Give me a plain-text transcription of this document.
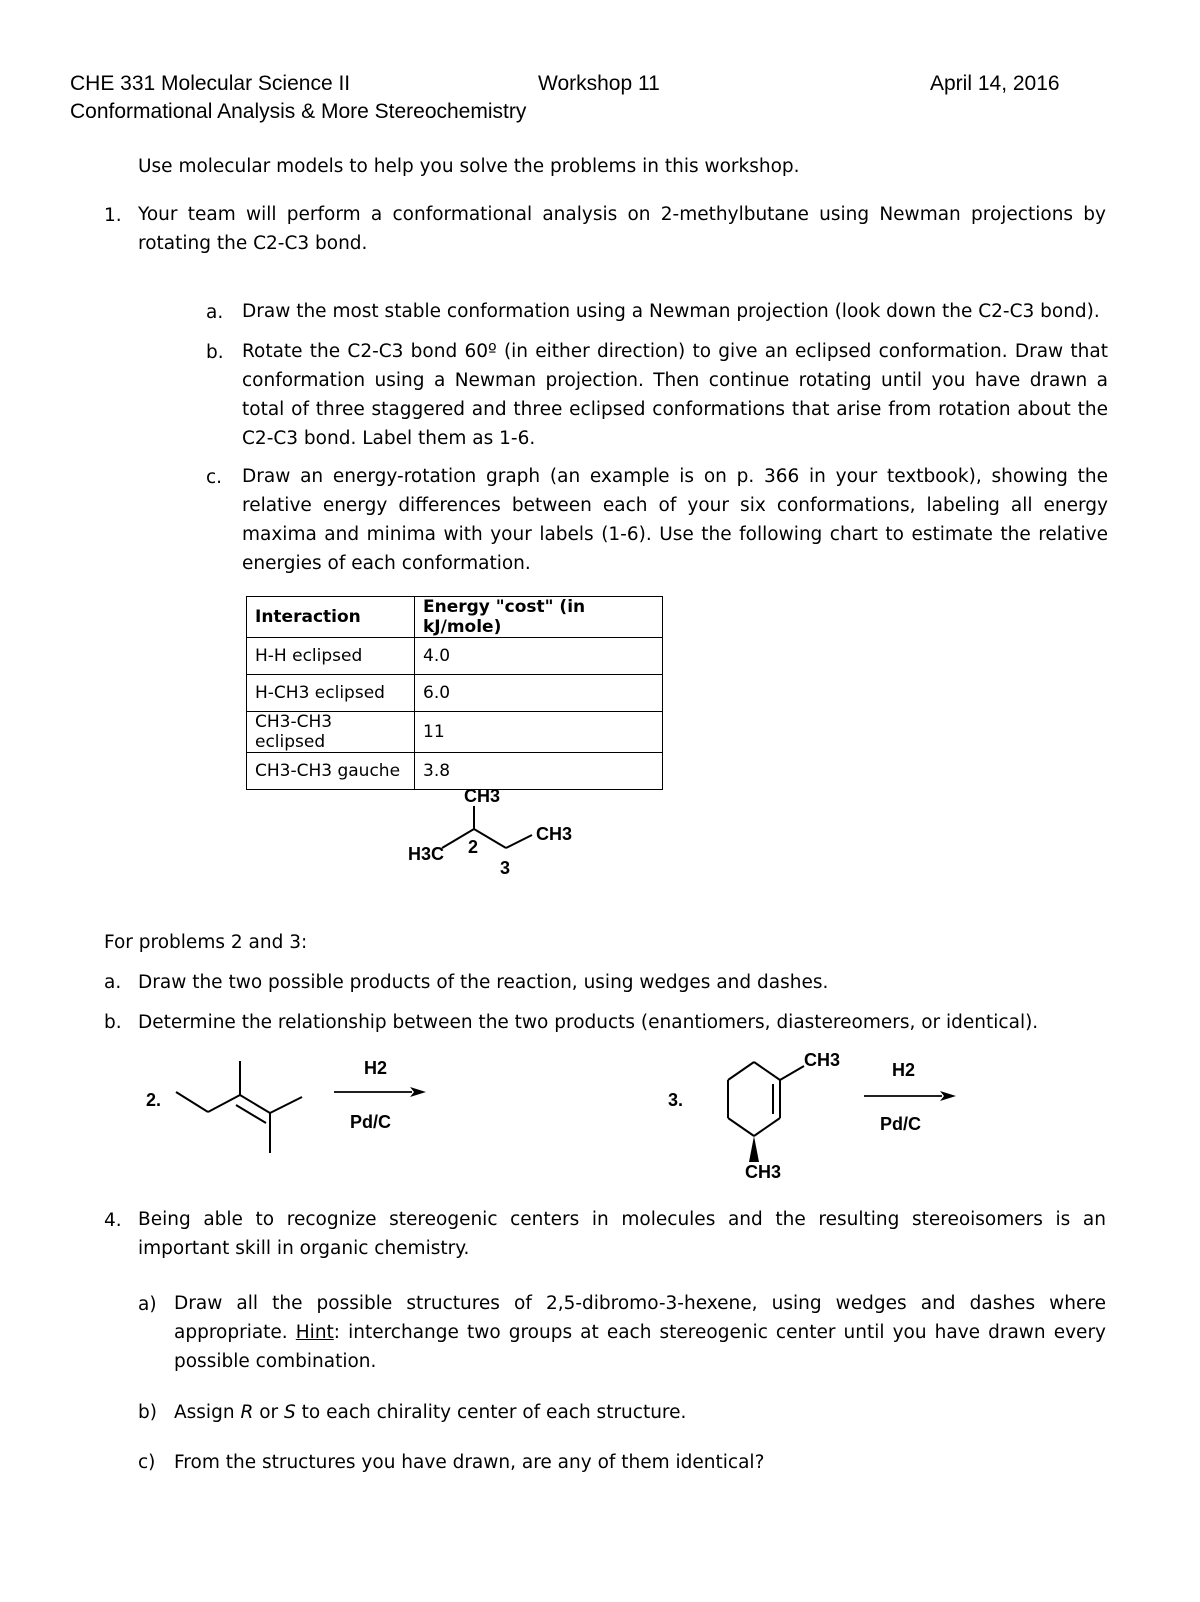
CHE 331 Molecular Science II	Workshop 11	April 14, 2016
Conformational Analysis & More Stereochemistry
Use molecular models to help you solve the problems in this workshop.
1. Your team will perform a conformational analysis on 2-methylbutane using Newman projections by rotating the C2-C3 bond.
a. Draw the most stable conformation using a Newman projection (look down the C2-C3 bond).
b. Rotate the C2-C3 bond 60º (in either direction) to give an eclipsed conformation. Draw that conformation using a Newman projection. Then continue rotating until you have drawn a total of three staggered and three eclipsed conformations that arise from rotation about the C2-C3 bond. Label them as 1-6.
c. Draw an energy-rotation graph (an example is on p. 366 in your textbook), showing the relative energy differences between each of your six conformations, labeling all energy maxima and minima with your labels (1-6). Use the following chart to estimate the relative energies of each conformation.
Interaction	Energy "cost" (in kJ/mole)
H-H eclipsed	4.0
H-CH3 eclipsed	6.0
CH3-CH3 eclipsed	11
CH3-CH3 gauche	3.8
CH3
H3C
CH3
2
3
For problems 2 and 3:
a. Draw the two possible products of the reaction, using wedges and dashes.
b. Determine the relationship between the two products (enantiomers, diastereomers, or identical).
2.
H2
Pd/C
3.
CH3
CH3
H2
Pd/C
4. Being able to recognize stereogenic centers in molecules and the resulting stereoisomers is an important skill in organic chemistry.
a) Draw all the possible structures of 2,5-dibromo-3-hexene, using wedges and dashes where appropriate. Hint: interchange two groups at each stereogenic center until you have drawn every possible combination.
b) Assign R or S to each chirality center of each structure.
c) From the structures you have drawn, are any of them identical?
